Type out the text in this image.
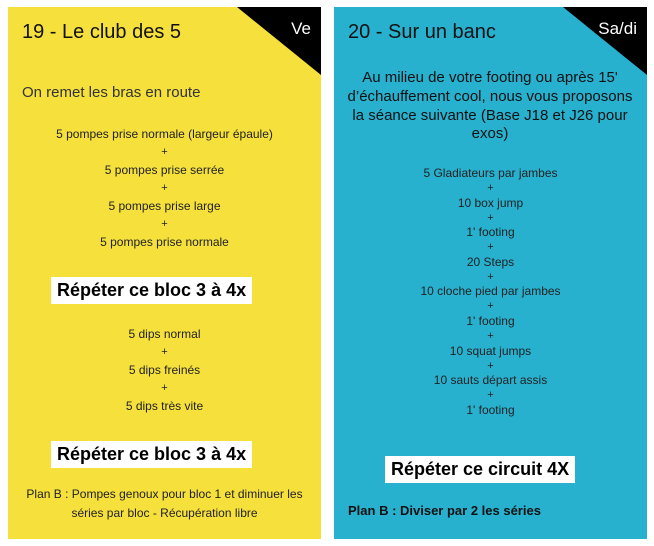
Ve
19 - Le club des 5
On remet les bras en route
5 pompes prise normale (largeur épaule)
+
5 pompes prise serrée
+
5 pompes prise large
+
5 pompes prise normale
Répéter ce bloc 3 à 4x
5 dips normal
+
5 dips freinés
+
5 dips très vite
Répéter ce bloc 3 à 4x
Plan B : Pompes genoux pour bloc 1 et diminuer les séries par bloc - Récupération libre
Sa/di
20 - Sur un banc
Au milieu de votre footing ou après 15' d’échauffement cool, nous vous proposons la séance suivante (Base J18 et J26 pour exos)
5 Gladiateurs par jambes
+
10 box jump
+
1' footing
+
20 Steps
+
10 cloche pied par jambes
+
1' footing
+
10 squat jumps
+
10 sauts départ assis
+
1' footing
Répéter ce circuit 4X
Plan B : Diviser par 2 les séries
